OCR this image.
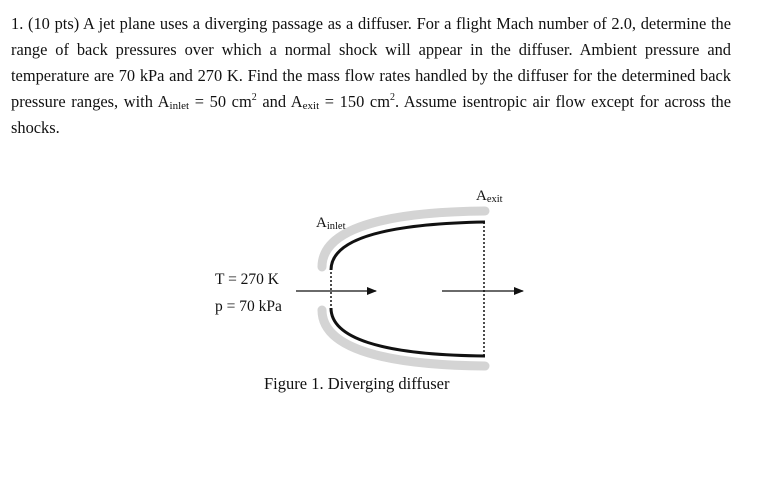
1. (10 pts) A jet plane uses a diverging passage as a diffuser. For a flight Mach number of 2.0, determine the range of back pressures over which a normal shock will appear in the diffuser. Ambient pressure and temperature are 70 kPa and 270 K. Find the mass flow rates handled by the diffuser for the determined back pressure ranges, with $A_{inlet} = 50$ $cm^2$ and $A_{exit} = 150$ $cm^2$. Assume isentropic air flow except for across the shocks.
T = 270 K
p = 70 kPa
Ainlet
Aexit
Figure 1. Diverging diffuser
